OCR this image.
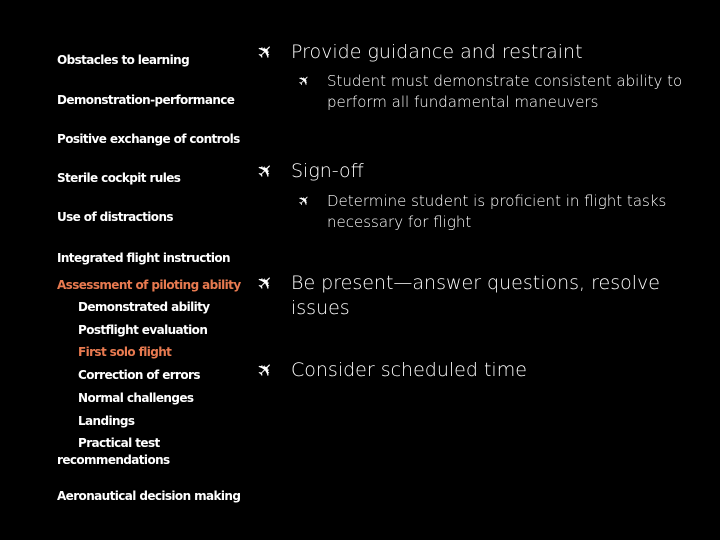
Obstacles to learning
Demonstration-performance
Positive exchange of controls
Sterile cockpit rules
Use of distractions
Integrated flight instruction
Assessment of piloting ability
Demonstrated ability
Postflight evaluation
First solo flight
Correction of errors
Normal challenges
Landings
Practical test recommendations
Aeronautical decision making
✈ Provide guidance and restraint
✈ Student must demonstrate consistent ability to perform all fundamental maneuvers
✈ Sign-off
✈ Determine student is proficient in flight tasks necessary for flight
✈ Be present—answer questions, resolve issues
✈ Consider scheduled time
